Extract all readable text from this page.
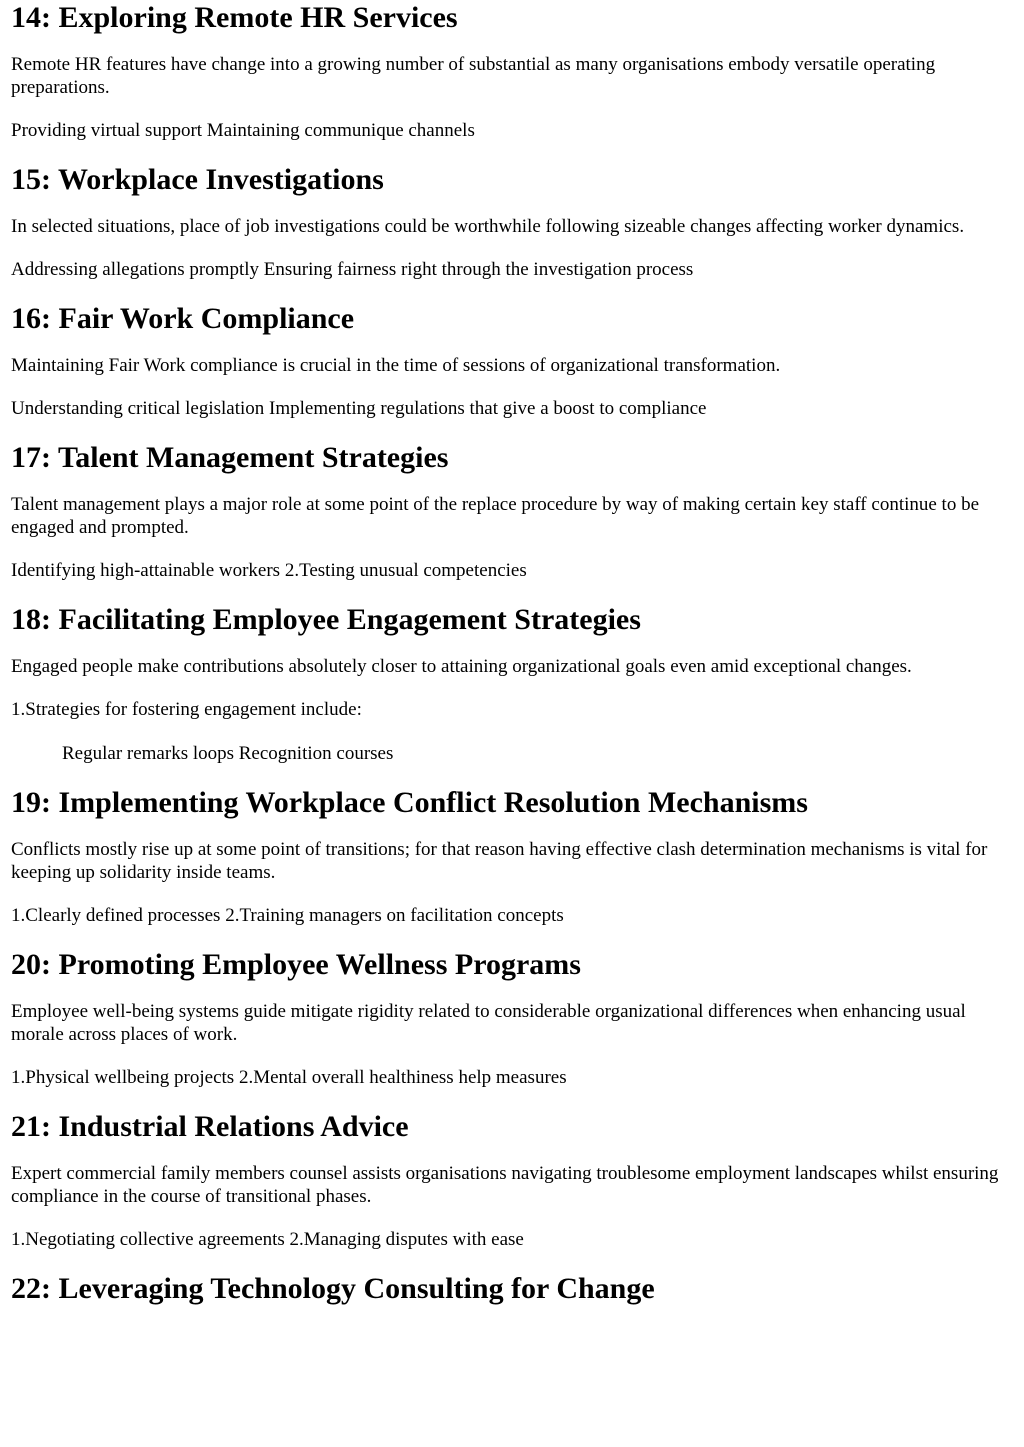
14: Exploring Remote HR Services

Remote HR features have change into a growing number of substantial as many organisations embody versatile operating preparations.

Providing virtual support Maintaining communique channels

15: Workplace Investigations

In selected situations, place of job investigations could be worthwhile following sizeable changes affecting worker dynamics.

Addressing allegations promptly Ensuring fairness right through the investigation process

16: Fair Work Compliance

Maintaining Fair Work compliance is crucial in the time of sessions of organizational transformation.

Understanding critical legislation Implementing regulations that give a boost to compliance

17: Talent Management Strategies

Talent management plays a major role at some point of the replace procedure by way of making certain key staff continue to be engaged and prompted.

Identifying high-attainable workers 2.Testing unusual competencies

18: Facilitating Employee Engagement Strategies

Engaged people make contributions absolutely closer to attaining organizational goals even amid exceptional changes.

1.Strategies for fostering engagement include:

Regular remarks loops Recognition courses

19: Implementing Workplace Conflict Resolution Mechanisms

Conflicts mostly rise up at some point of transitions; for that reason having effective clash determination mechanisms is vital for keeping up solidarity inside teams.

1.Clearly defined processes 2.Training managers on facilitation concepts

20: Promoting Employee Wellness Programs

Employee well-being systems guide mitigate rigidity related to considerable organizational differences when enhancing usual morale across places of work.

1.Physical wellbeing projects 2.Mental overall healthiness help measures

21: Industrial Relations Advice

Expert commercial family members counsel assists organisations navigating troublesome employment landscapes whilst ensuring compliance in the course of transitional phases.

1.Negotiating collective agreements 2.Managing disputes with ease

22: Leveraging Technology Consulting for Change
